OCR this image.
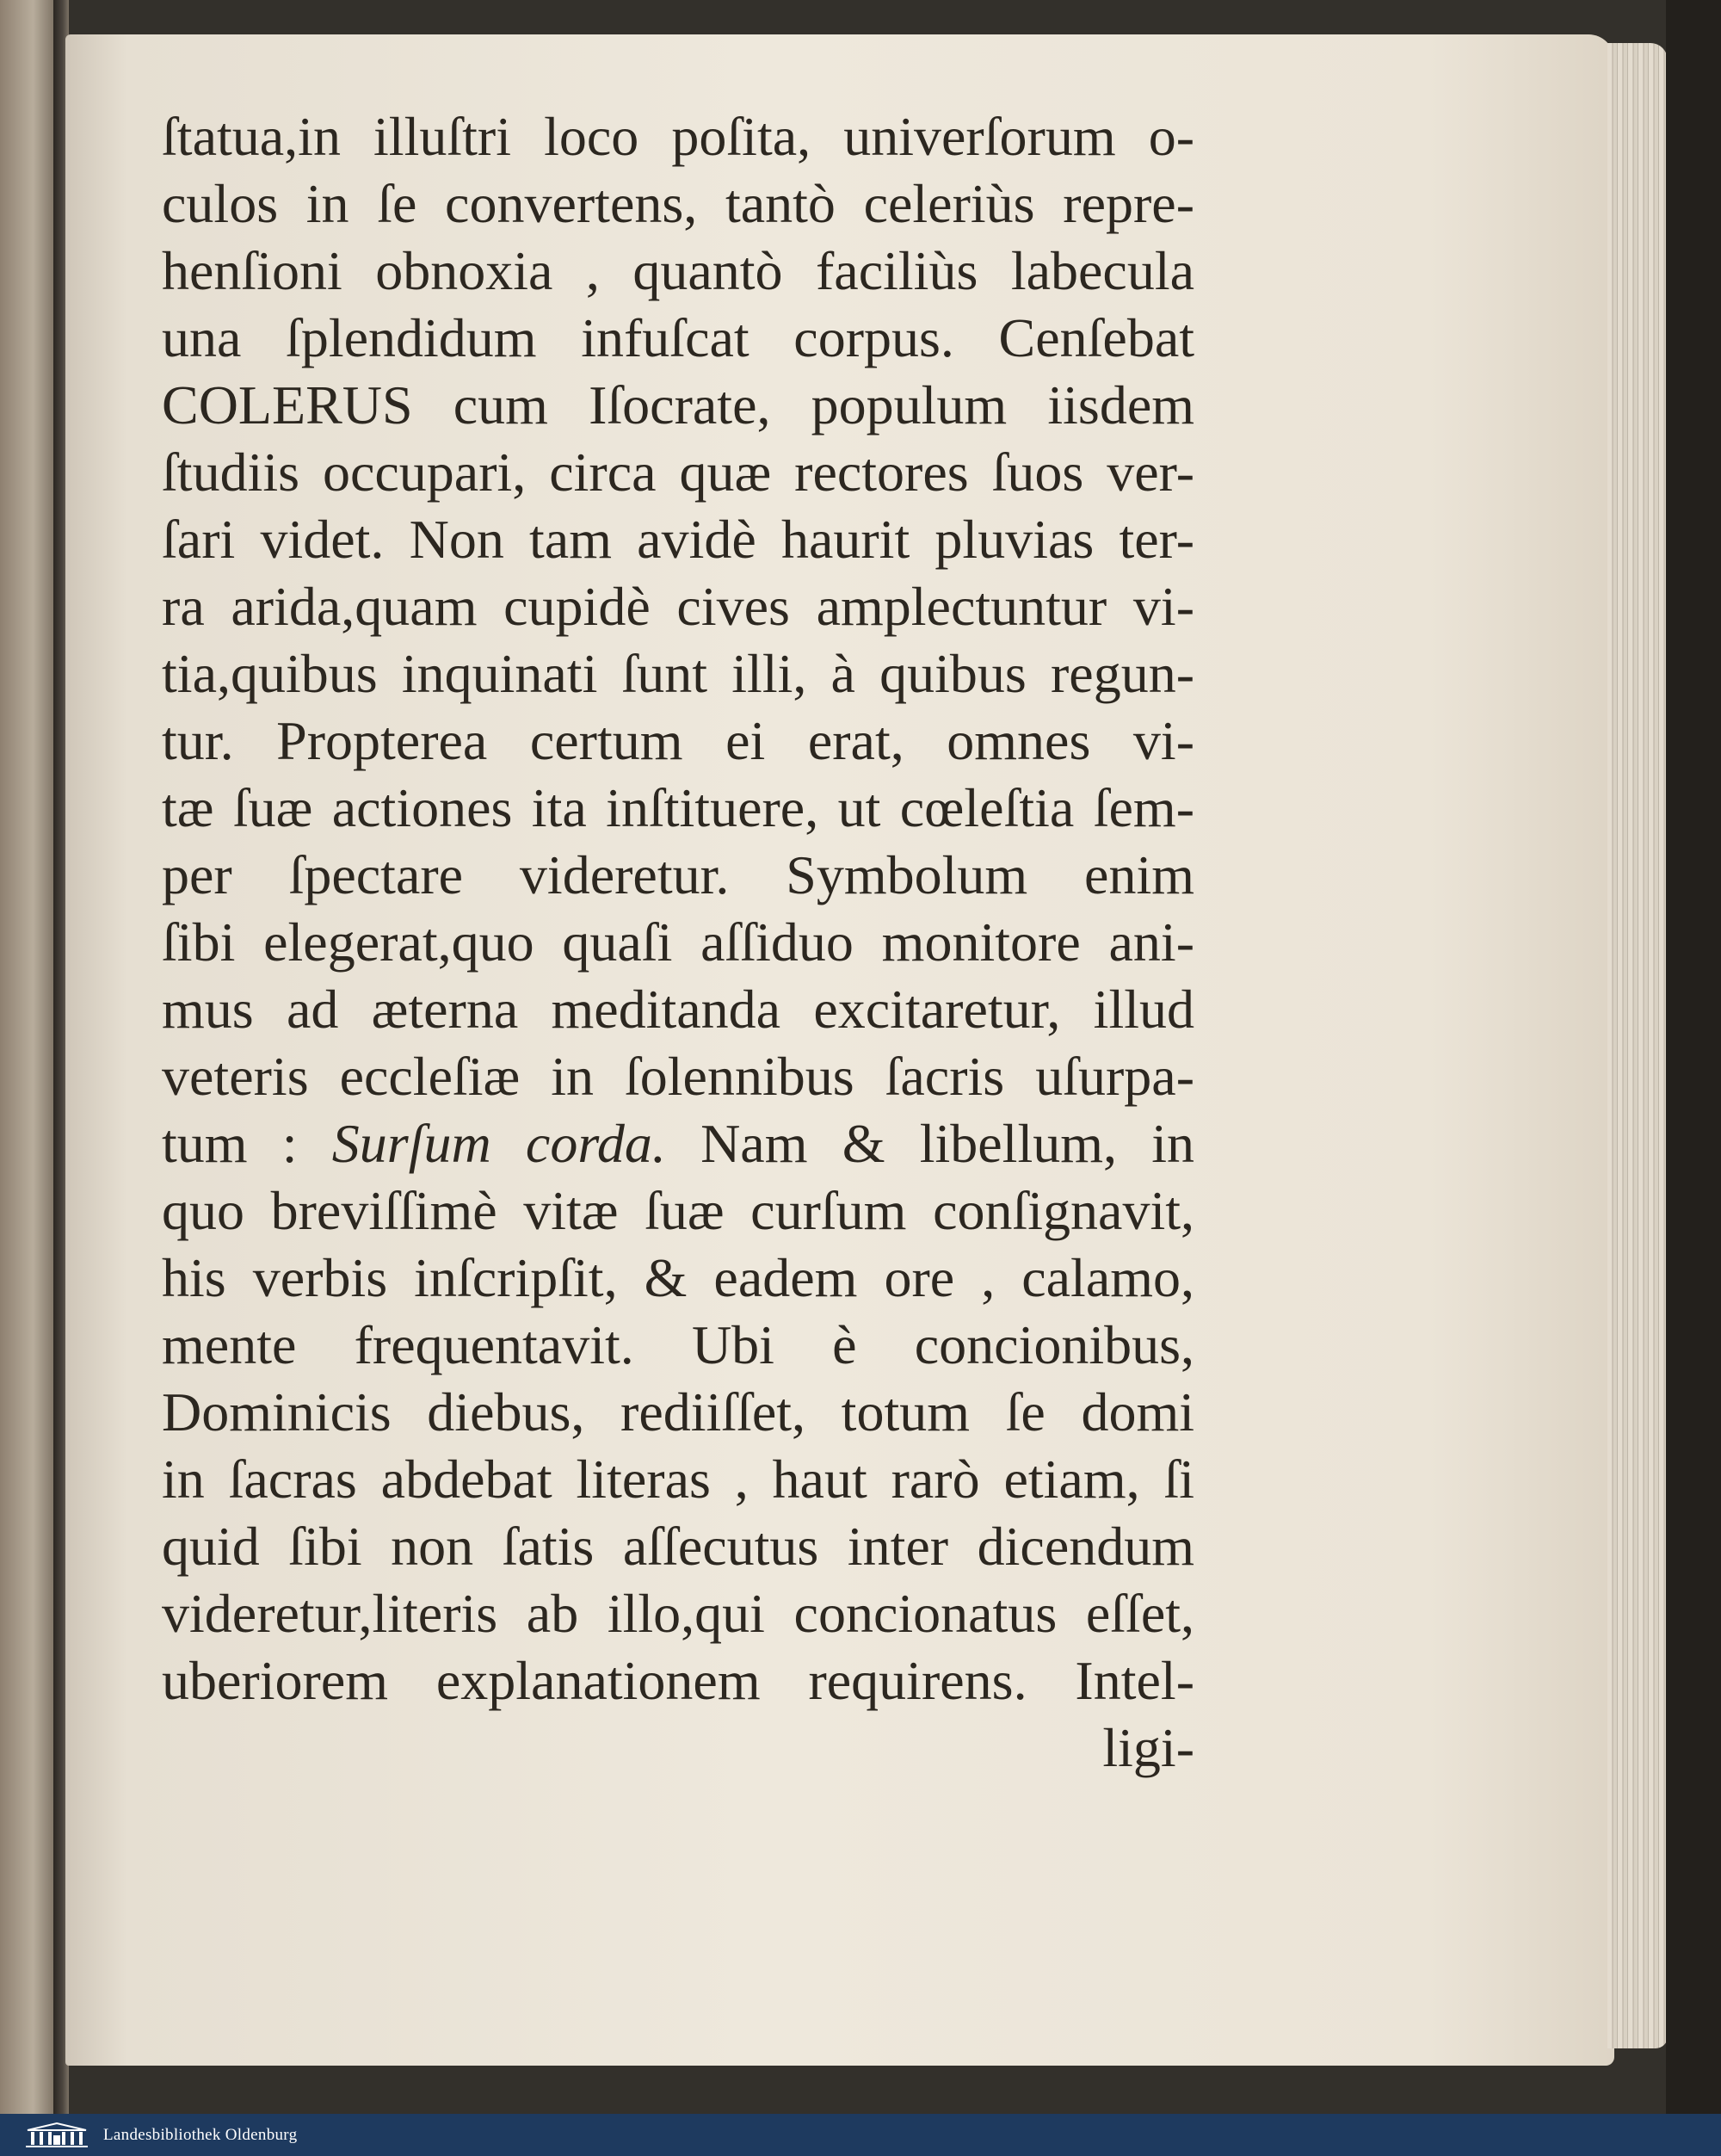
ſtatua,in illuſtri loco poſita, univerſorum o-
culos in ſe convertens, tantò celeriùs repre-
henſioni obnoxia , quantò faciliùs labecula
una ſplendidum infuſcat corpus. Cenſebat
COLERUS cum Iſocrate, populum iisdem
ſtudiis occupari, circa quæ rectores ſuos ver-
ſari videt. Non tam avidè haurit pluvias ter-
ra arida,quam cupidè cives amplectuntur vi-
tia,quibus inquinati ſunt illi, à quibus regun-
tur. Propterea certum ei erat, omnes vi-
tæ ſuæ actiones ita inſtituere, ut cœleſtia ſem-
per ſpectare videretur. Symbolum enim
ſibi elegerat,quo quaſi aſſiduo monitore ani-
mus ad æterna meditanda excitaretur, illud
veteris eccleſiæ in ſolennibus ſacris uſurpa-
tum : Surſum corda. Nam & libellum, in
quo breviſſimè vitæ ſuæ curſum conſignavit,
his verbis inſcripſit, & eadem ore , calamo,
mente frequentavit. Ubi è concionibus,
Dominicis diebus, rediiſſet, totum ſe domi
in ſacras abdebat literas , haut rarò etiam, ſi
quid ſibi non ſatis aſſecutus inter dicendum
videretur,literis ab illo,qui concionatus eſſet,
uberiorem explanationem requirens. Intel-
ligi-
Landesbibliothek Oldenburg
